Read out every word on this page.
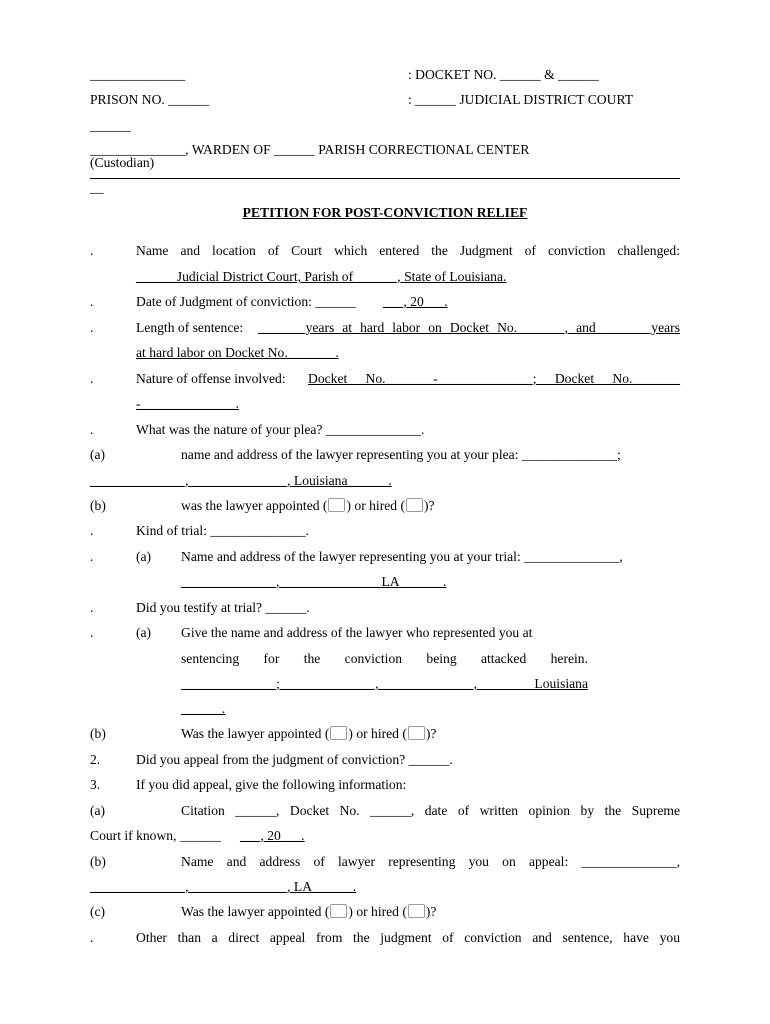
______________	: DOCKET NO. ______ & ______
PRISON NO. ______	: ______ JUDICIAL DISTRICT COURT
______
______________, WARDEN OF ______ PARISH CORRECTIONAL CENTER
(Custodian)
__
PETITION FOR POST-CONVICTION RELIEF
.	Name and location of Court which entered the Judgment of conviction challenged:
______Judicial District Court, Parish of ______, State of Louisiana.
.	Date of Judgment of conviction: ______ ___, 20___.
.	Length of sentence: _______years at hard labor on Docket No._______, and _______years
at hard labor on Docket No._______.
.	Nature of offense involved: Docket No._______-______________; Docket No._______
-______________.
.	What was the nature of your plea? ______________.
(a)	name and address of the lawyer representing you at your plea: ______________;
______________, ______________, Louisiana______.
(b)	was the lawyer appointed ( ) or hired ( )?
.	Kind of trial: ______________.
.	(a) Name and address of the lawyer representing you at your trial: ______________,
______________, ______________ LA ______.
.	Did you testify at trial? ______.
.	(a) Give the name and address of the lawyer who represented you at
sentencing for the conviction being attacked herein.
______________;______________,______________, Louisiana
______.
(b)	Was the lawyer appointed ( ) or hired ( )?
2.	Did you appeal from the judgment of conviction? ______.
3.	If you did appeal, give the following information:
(a)	Citation ______, Docket No. ______, date of written opinion by the Supreme
Court if known, ______ ___, 20___.
(b)	Name and address of lawyer representing you on appeal: ______________,
______________, ______________, LA______.
(c)	Was the lawyer appointed ( ) or hired ( )?
.	Other than a direct appeal from the judgment of conviction and sentence, have you
